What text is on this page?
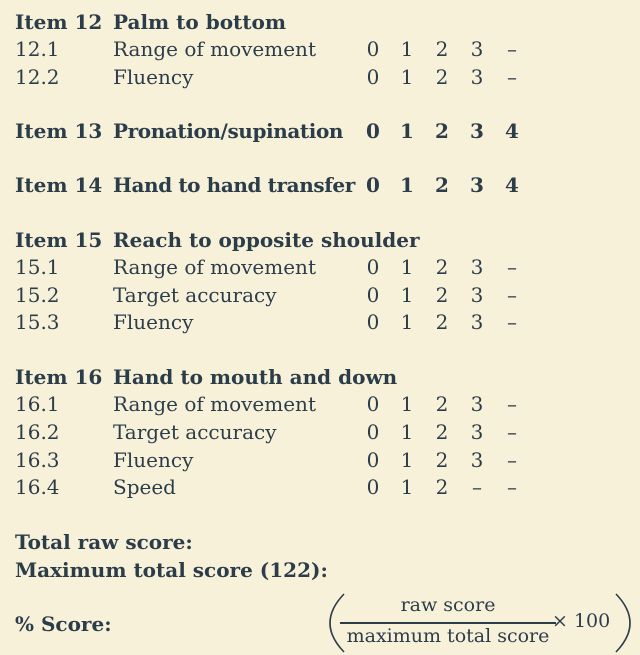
Item 12 Palm to bottom
12.1	Range of movement	0 1 2 3 –
12.2	Fluency	0 1 2 3 –
Item 13 Pronation/supination 0 1 2 3 4
Item 14 Hand to hand transfer 0 1 2 3 4
Item 15 Reach to opposite shoulder
15.1	Range of movement	0 1 2 3 –
15.2	Target accuracy	0 1 2 3 –
15.3	Fluency	0 1 2 3 –
Item 16 Hand to mouth and down
16.1	Range of movement	0 1 2 3 –
16.2	Target accuracy	0 1 2 3 –
16.3	Fluency	0 1 2 3 –
16.4	Speed	0 1 2 – –
Total raw score:
Maximum total score (122):
% Score:
raw score
maximum total score
× 100
